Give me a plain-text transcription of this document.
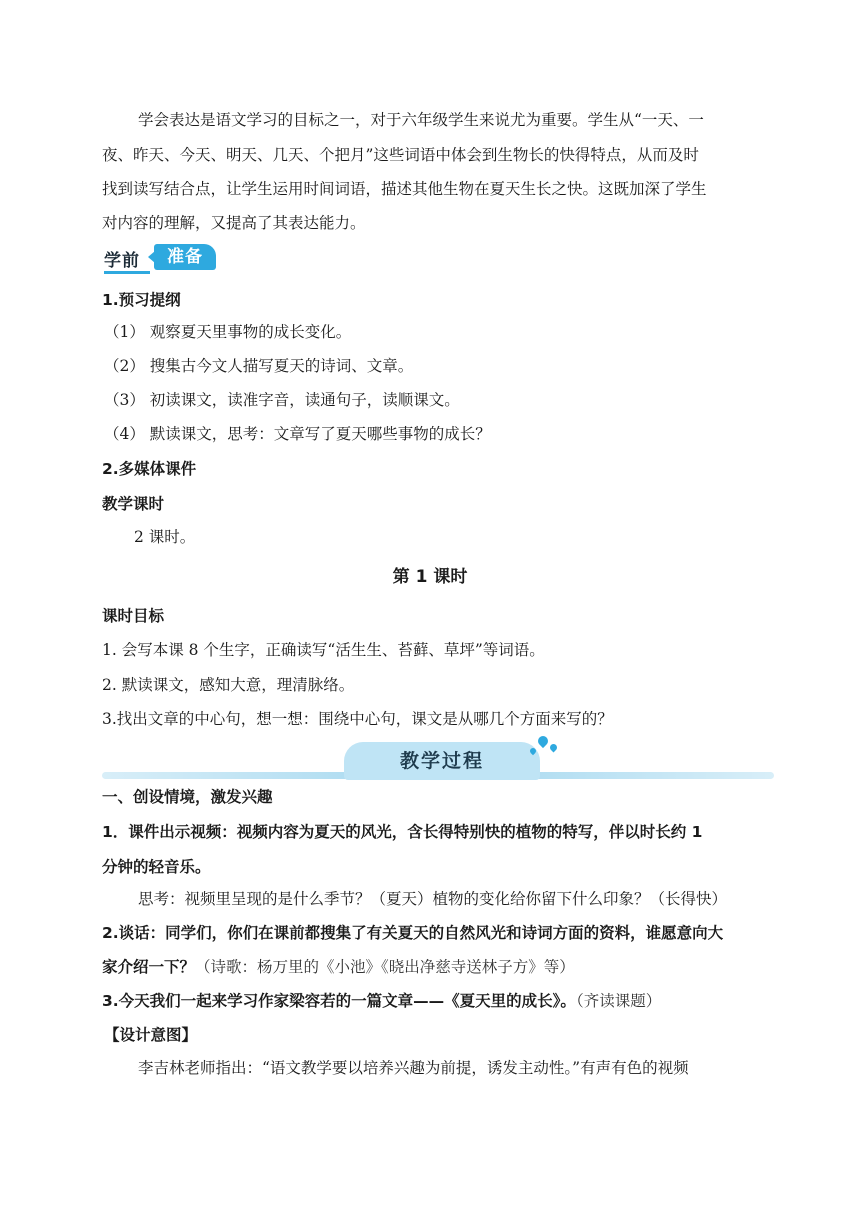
学会表达是语文学习的目标之一，对于六年级学生来说尤为重要。学生从“一天、一
夜、昨天、今天、明天、几天、个把月”这些词语中体会到生物长的快得特点，从而及时
找到读写结合点，让学生运用时间词语，描述其他生物在夏天生长之快。这既加深了学生
对内容的理解，又提高了其表达能力。
学前	准备
1.预习提纲
（1） 观察夏天里事物的成长变化。
（2） 搜集古今文人描写夏天的诗词、文章。
（3） 初读课文，读准字音，读通句子，读顺课文。
（4） 默读课文，思考：文章写了夏天哪些事物的成长？
2.多媒体课件
教学课时
2 课时。
第 1 课时
课时目标
1. 会写本课 8 个生字，正确读写“活生生、苔藓、草坪”等词语。
2. 默读课文，感知大意，理清脉络。
3.找出文章的中心句，想一想：围绕中心句，课文是从哪几个方面来写的？
教学过程
一、创设情境，激发兴趣
1．课件出示视频：视频内容为夏天的风光，含长得特别快的植物的特写，伴以时长约 1
分钟的轻音乐。
思考：视频里呈现的是什么季节？（夏天）植物的变化给你留下什么印象？（长得快）
2.谈话：同学们，你们在课前都搜集了有关夏天的自然风光和诗词方面的资料，谁愿意向大
家介绍一下？（诗歌：杨万里的《小池》《晓出净慈寺送林子方》等）
3.今天我们一起来学习作家梁容若的一篇文章——《夏天里的成长》。（齐读课题）
【设计意图】
李吉林老师指出：“语文教学要以培养兴趣为前提，诱发主动性。”有声有色的视频
